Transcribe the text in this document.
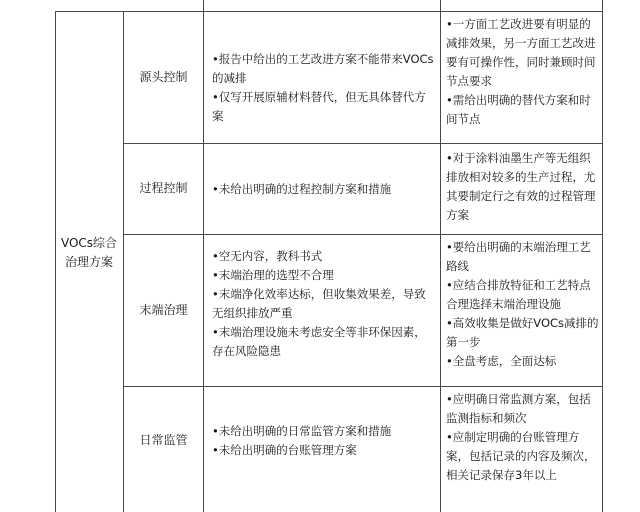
VOCs综合治理方案
源头控制
•报告中给出的工艺改进方案不能带来VOCs的减排
•仅写开展原辅材料替代，但无具体替代方案
•一方面工艺改进要有明显的减排效果，另一方面工艺改进要有可操作性，同时兼顾时间节点要求
•需给出明确的替代方案和时间节点
过程控制	•未给出明确的过程控制方案和措施
•对于涂料油墨生产等无组织排放相对较多的生产过程，尤其要制定行之有效的过程管理方案
末端治理
•空无内容，教科书式
•末端治理的选型不合理
•末端净化效率达标，但收集效果差，导致无组织排放严重
•末端治理设施未考虑安全等非环保因素，存在风险隐患
•要给出明确的末端治理工艺路线
•应结合排放特征和工艺特点合理选择末端治理设施
•高效收集是做好VOCs减排的第一步
•全盘考虑，全面达标
日常监管
•未给出明确的日常监管方案和措施
•未给出明确的台账管理方案
•应明确日常监测方案，包括监测指标和频次
•应制定明确的台账管理方案，包括记录的内容及频次，相关记录保存3年以上
